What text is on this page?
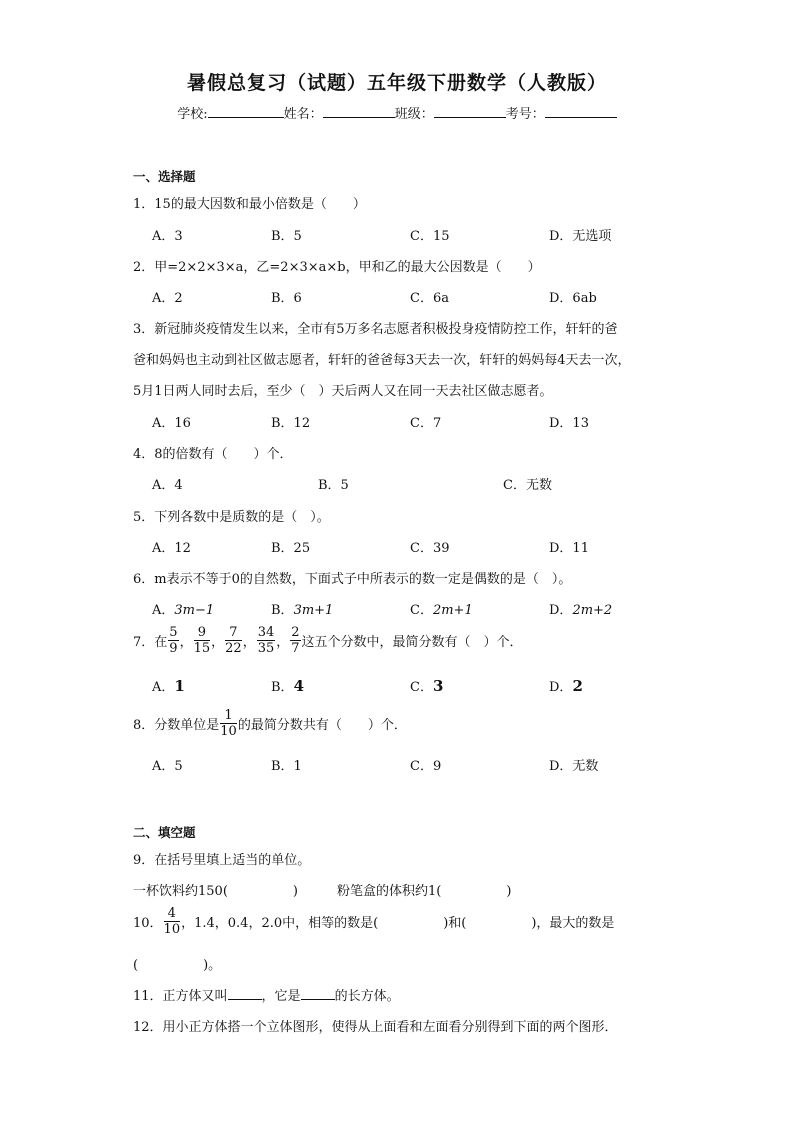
暑假总复习（试题）五年级下册数学（人教版）
学校:	姓名：	班级：	考号：
一、选择题
1．15的最大因数和最小倍数是（　　）
A．3	B．5	C．15	D．无选项
2．甲=2×2×3×a，乙=2×3×a×b，甲和乙的最大公因数是（　　）
A．2	B．6	C．6a	D．6ab
3．新冠肺炎疫情发生以来，全市有5万多名志愿者积极投身疫情防控工作，轩轩的爸
爸和妈妈也主动到社区做志愿者，轩轩的爸爸每3天去一次，轩轩的妈妈每4天去一次，
5月1日两人同时去后，至少（　）天后两人又在同一天去社区做志愿者。
A．16	B．12	C．7	D．13
4．8的倍数有（　　）个．
A．4	B．5	C．无数
5．下列各数中是质数的是（　）。
A．12	B．25	C．39	D．11
6．m表示不等于0的自然数，下面式子中所表示的数一定是偶数的是（　）。
A．3m−1	B．3m+1	C．2m+1	D．2m+2
7．在 $\frac{5}{9}$ ， $\frac{9}{15}$ ， $\frac{7}{22}$ ， $\frac{34}{35}$ ， $\frac{2}{7}$ 这五个分数中，最简分数有（　）个．
A．1	B．4	C．3	D．2
8．分数单位是 $\frac{1}{10}$ 的最简分数共有（　　）个．
A．5	B．1	C．9	D．无数
二、填空题
9．在括号里填上适当的单位。
一杯饮料约150(　　　　　)	粉笔盒的体积约1(　　　　　)
10． $\frac{4}{10}$ ，1.4，0.4，2.0中，相等的数是(　　　　　)和(　　　　　)，最大的数是
(　　　　　)。
11．正方体又叫	，它是	的长方体。
12．用小正方体搭一个立体图形，使得从上面看和左面看分别得到下面的两个图形．
